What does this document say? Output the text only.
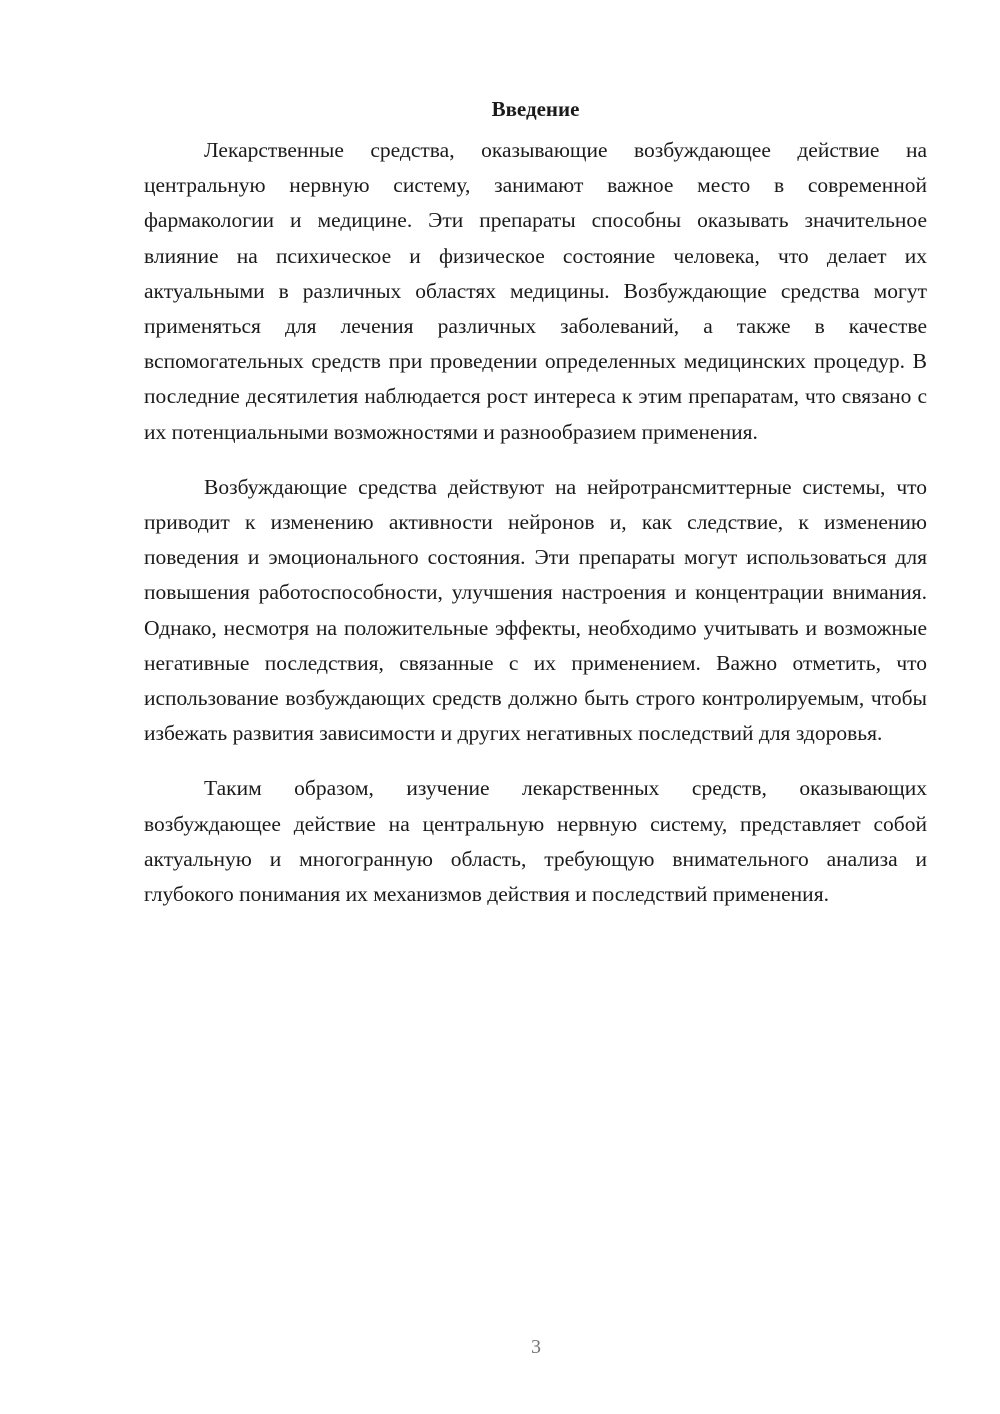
Введение

Лекарственные средства, оказывающие возбуждающее действие на центральную нервную систему, занимают важное место в современной фармакологии и медицине. Эти препараты способны оказывать значительное влияние на психическое и физическое состояние человека, что делает их актуальными в различных областях медицины. Возбуждающие средства могут применяться для лечения различных заболеваний, а также в качестве вспомогательных средств при проведении определенных медицинских процедур. В последние десятилетия наблюдается рост интереса к этим препаратам, что связано с их потенциальными возможностями и разнообразием применения.

Возбуждающие средства действуют на нейротрансмиттерные системы, что приводит к изменению активности нейронов и, как следствие, к изменению поведения и эмоционального состояния. Эти препараты могут использоваться для повышения работоспособности, улучшения настроения и концентрации внимания. Однако, несмотря на положительные эффекты, необходимо учитывать и возможные негативные последствия, связанные с их применением. Важно отметить, что использование возбуждающих средств должно быть строго контролируемым, чтобы избежать развития зависимости и других негативных последствий для здоровья.

Таким образом, изучение лекарственных средств, оказывающих возбуждающее действие на центральную нервную систему, представляет собой актуальную и многогранную область, требующую внимательного анализа и глубокого понимания их механизмов действия и последствий применения.

3
